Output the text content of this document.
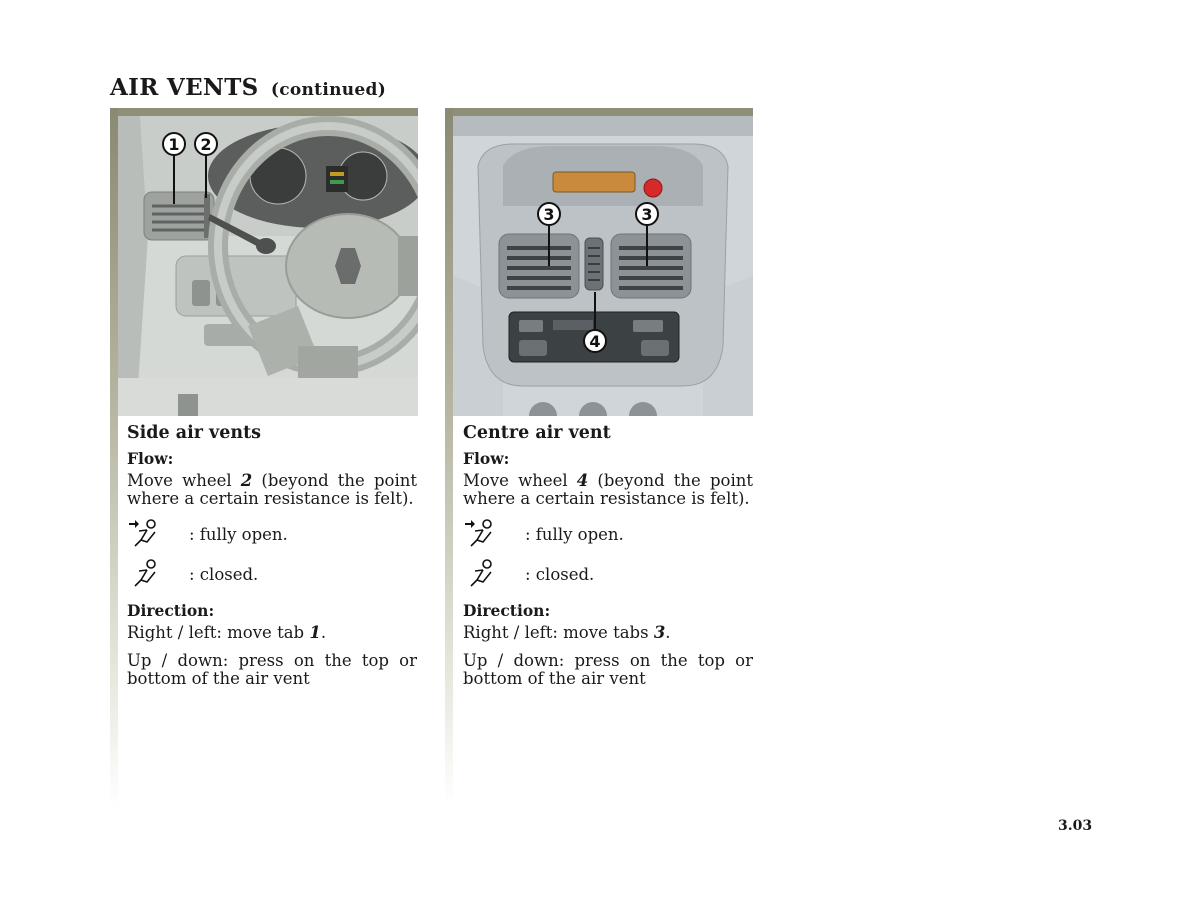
AIR VENTS (continued)
1 2
3	3
4
Side air vents
Flow:
Move wheel 2 (beyond the point where a certain resistance is felt).
: fully open.
: closed.
Direction:
Right / left: move tab 1.
Up / down: press on the top or bottom of the air vent
Centre air vent
Flow:
Move wheel 4 (beyond the point where a certain resistance is felt).
: fully open.
: closed.
Direction:
Right / left: move tabs 3.
Up / down: press on the top or bottom of the air vent
3.03
